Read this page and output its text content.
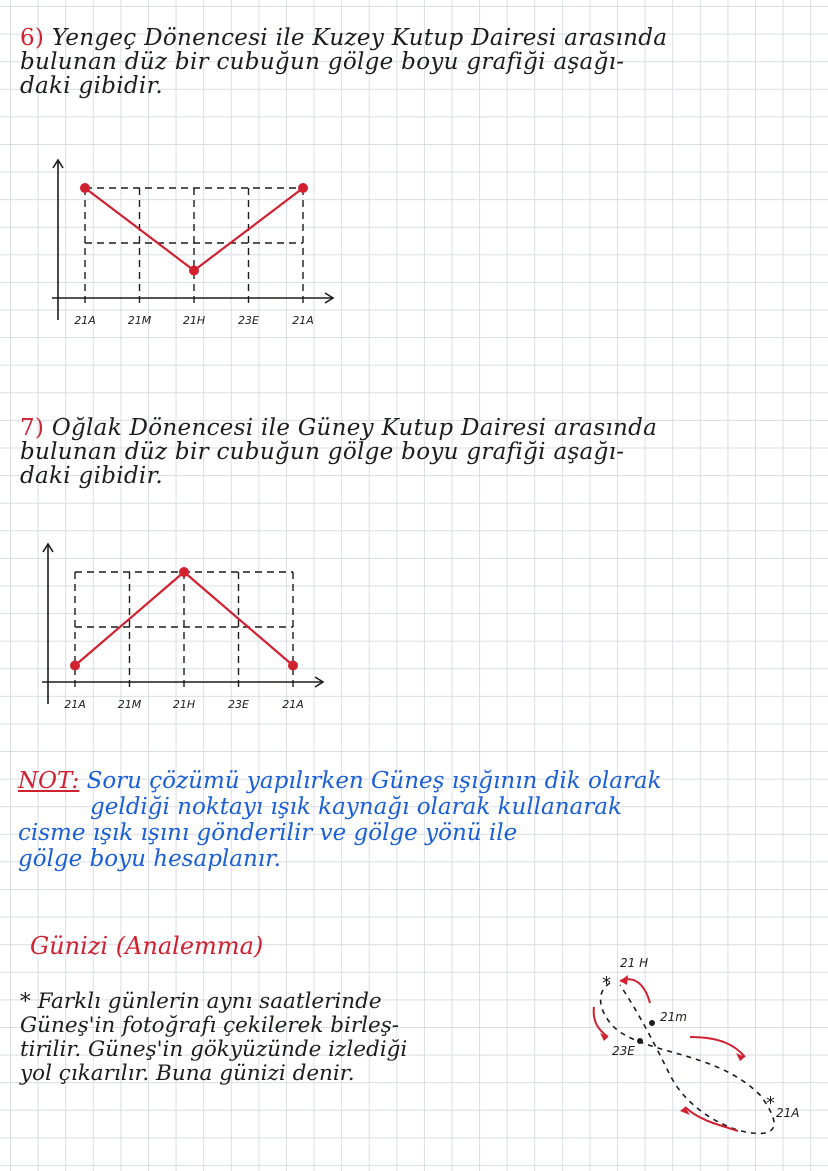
6) Yengeç Dönencesi ile Kuzey Kutup Dairesi arasında
bulunan düz bir cubuğun gölge boyu grafiği aşağı-
daki gibidir.
21A	21M	21H	23E	21A
7) Oğlak Dönencesi ile Güney Kutup Dairesi arasında
bulunan düz bir cubuğun gölge boyu grafiği aşağı-
daki gibidir.
21A	21M	21H	23E	21A
NOT: Soru çözümü yapılırken Güneş ışığının dik olarak
geldiği noktayı ışık kaynağı olarak kullanarak
cisme ışık ışını gönderilir ve gölge yönü ile
gölge boyu hesaplanır.
Günizi (Analemma)
* Farklı günlerin aynı saatlerinde
Güneş'in fotoğrafı çekilerek birleş-
tirilir. Güneş'in gökyüzünde izlediği
yol çıkarılır. Buna günizi denir.
*
*
21 H
21m
23E
21A
